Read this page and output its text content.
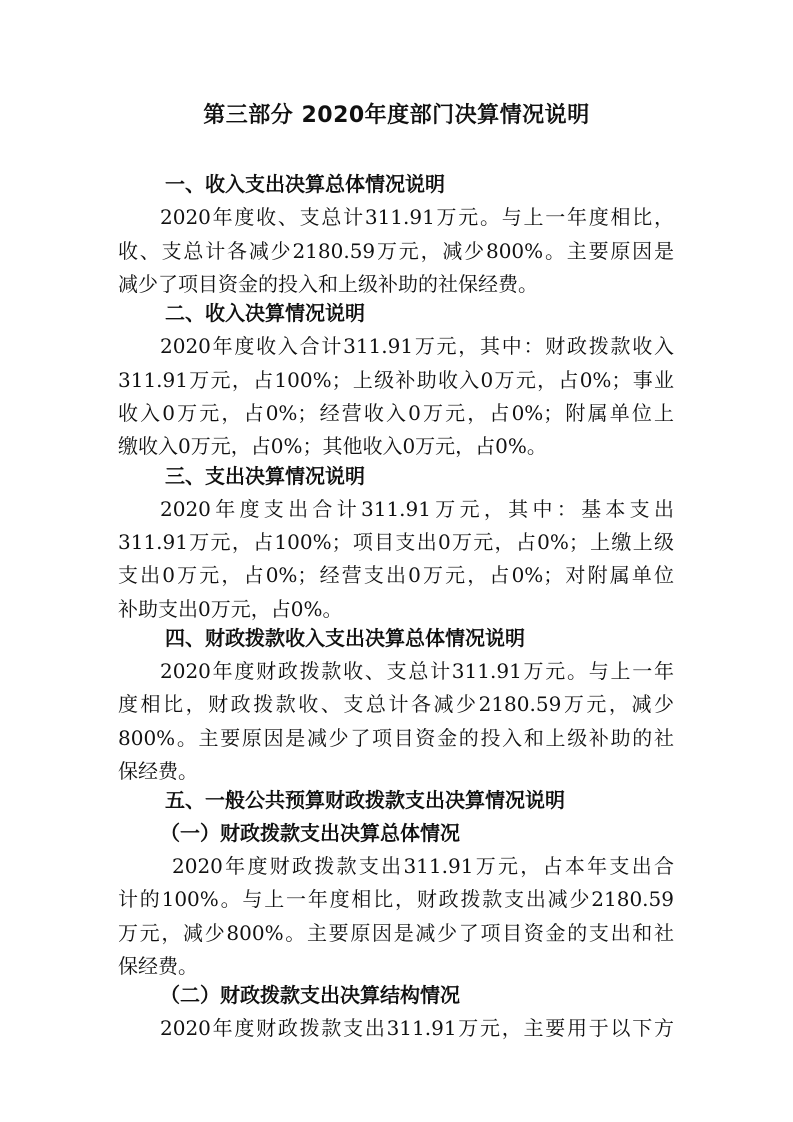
第三部分 2020年度部门决算情况说明
一、收入支出决算总体情况说明
2020年度收、支总计311.91万元。与上一年度相比，
收、支总计各减少2180.59万元，减少800%。主要原因是
减少了项目资金的投入和上级补助的社保经费。
二、收入决算情况说明
2020年度收入合计311.91万元，其中：财政拨款收入
311.91万元，占100%；上级补助收入0万元，占0%；事业
收入0万元，占0%；经营收入0万元，占0%；附属单位上
缴收入0万元，占0%；其他收入0万元，占0%。
三、支出决算情况说明
2020年度支出合计311.91万元，其中：基本支出
311.91万元，占100%；项目支出0万元，占0%；上缴上级
支出0万元，占0%；经营支出0万元，占0%；对附属单位
补助支出0万元，占0%。
四、财政拨款收入支出决算总体情况说明
2020年度财政拨款收、支总计311.91万元。与上一年
度相比，财政拨款收、支总计各减少2180.59万元，减少
800%。主要原因是减少了项目资金的投入和上级补助的社
保经费。
五、一般公共预算财政拨款支出决算情况说明
（一）财政拨款支出决算总体情况
2020年度财政拨款支出311.91万元，占本年支出合
计的100%。与上一年度相比，财政拨款支出减少2180.59
万元，减少800%。主要原因是减少了项目资金的支出和社
保经费。
（二）财政拨款支出决算结构情况
2020年度财政拨款支出311.91万元，主要用于以下方
